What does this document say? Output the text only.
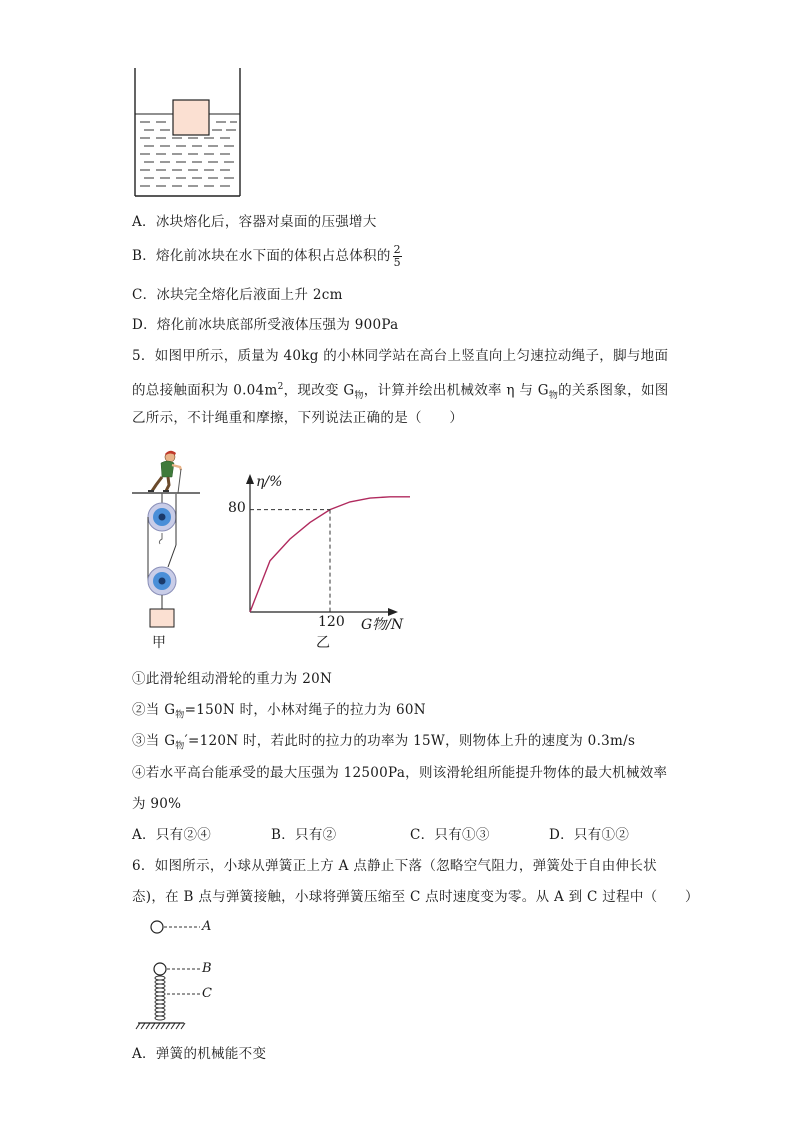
A．冰块熔化后，容器对桌面的压强增大
B．熔化前冰块在水下面的体积占总体积的 $\frac{2}{5}$
C．冰块完全熔化后液面上升 2cm
D．熔化前冰块底部所受液体压强为 900Pa
5．如图甲所示，质量为 40kg 的小林同学站在高台上竖直向上匀速拉动绳子，脚与地面
的总接触面积为 $0.04m^2$，现改变 $G_物$，计算并绘出机械效率 η 与 $G_物$的关系图象，如图
乙所示，不计绳重和摩擦，下列说法正确的是（　　）
甲
η/%
80
120 G物/N
乙
①此滑轮组动滑轮的重力为 20N
②当 $G_物=150N$ 时，小林对绳子的拉力为 60N
③当 $G_物'=120N$ 时，若此时的拉力的功率为 15W，则物体上升的速度为 0.3m/s
④若水平高台能承受的最大压强为 12500Pa，则该滑轮组所能提升物体的最大机械效率
为 90%
A．只有②④	B．只有②	C．只有①③	D．只有①②
6．如图所示，小球从弹簧正上方 A 点静止下落（忽略空气阻力，弹簧处于自由伸长状
态)，在 B 点与弹簧接触，小球将弹簧压缩至 C 点时速度变为零。从 A 到 C 过程中（　　）
A
B
C
A．弹簧的机械能不变
